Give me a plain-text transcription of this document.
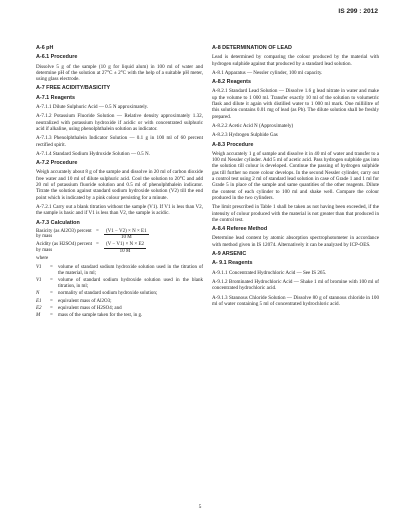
IS 299 : 2012
A-6 pH
A-6.1 Procedure
Dissolve 5 g of the sample (10 g for liquid alum) in 100 ml of water and determine pH of the solution at 27°C ± 2°C with the help of a suitable pH meter, using glass electrode.
A-7 FREE ACIDITY/BASICITY
A-7.1 Reagents
A-7.1.1 Dilute Sulphuric Acid — 0.5 N approximately.
A-7.1.2 Potassium Fluoride Solution — Relative density approximately 1.32, neutralized with potassium hydroxide if acidic or with concentrated sulphuric acid if alkaline, using phenolphthalein solution as indicator.
A-7.1.3 Phenolphthalein Indicator Solution — 0.1 g in 100 ml of 60 percent rectified spirit.
A-7.1.4 Standard Sodium Hydroxide Solution — 0.5 N.
A-7.2 Procedure
Weigh accurately about 8 g of the sample and dissolve in 20 ml of carbon dioxide free water and 10 ml of dilute sulphuric acid. Cool the solution to 20°C and add 20 ml of potassium fluoride solution and 0.5 ml of phenolphthalein indicator. Titrate the solution against standard sodium hydroxide solution (V2) till the end point which is indicated by a pink colour persisting for a minute.
A-7.2.1 Carry out a blank titration without the sample (V1). If V1 is less than V2, the sample is basic and if V1 is less than V2, the sample is acidic.
A-7.3 Calculation
Basicity (as Al2O3) percent by mass
=	$\frac{(V1 - V2) \times N \times E1}{10 M}$
Acidity (as H2SO4) percent by mass
=	$\frac{(V - V1) \times N \times E2}{10 M}$
where
V1	=	volume of standard sodium hydroxide solution used in the titration of the material, in ml;
V1	=	volume of standard sodium hydroxide solution used in the blank titration, in ml;
N	=	normality of standard sodium hydroxide solution;
E1	=	equivalent mass of Al2O3;
E2	=	equivalent mass of H2SO4; and
M	=	mass of the sample taken for the test, in g.
A-8 DETERMINATION OF LEAD
Lead is determined by comparing the colour produced by the material with hydrogen sulphide against that produced by a standard lead solution.
A-8.1 Apparatus — Nessler cylinder, 100 ml capacity.
A-8.2 Reagents
A-8.2.1 Standard Lead Solution — Dissolve 1.6 g lead nitrate in water and make up the volume to 1 000 ml. Transfer exactly 10 ml of the solution to volumetric flask and dilute it again with distilled water to 1 000 ml mark. One millilitre of this solution contains 0.01 mg of lead (as Pb). The dilute solution shall be freshly prepared.
A-8.2.2 Acetic Acid N (Approximately)
A-8.2.3 Hydrogen Sulphide Gas
A-8.3 Procedure
Weigh accurately 1 g of sample and dissolve it in 40 ml of water and transfer to a 100 ml Nessler cylinder. Add 5 ml of acetic acid. Pass hydrogen sulphide gas into the solution till colour is developed. Continue the passing of hydrogen sulphide gas till further no more colour develops. In the second Nessler cylinder, carry out a control test using 2 ml of standard lead solution in case of Grade 1 and 1 ml for Grade 5 in place of the sample and same quantities of the other reagents. Dilute the content of each cylinder to 100 ml and shake well. Compare the colour produced in the two cylinders.
The limit prescribed in Table 1 shall be taken as not having been exceeded, if the intensity of colour produced with the material is not greater than that produced in the control test.
A-8.4 Referee Method
Determine lead content by atomic absorption spectrophotometer in accordance with method given in IS 12074. Alternatively it can be analyzed by ICP-OES.
A-9 ARSENIC
A- 9.1 Reagents
A-9.1.1 Concentrated Hydrochloric Acid — See IS 265.
A-9.1.2 Brominated Hydrochloric Acid — Shake 1 ml of bromine with 100 ml of concentrated hydrochloric acid.
A-9.1.3 Stannous Chloride Solution — Dissolve 80 g of stannous chloride in 100 ml of water containing 5 ml of concentrated hydrochloric acid.
5
